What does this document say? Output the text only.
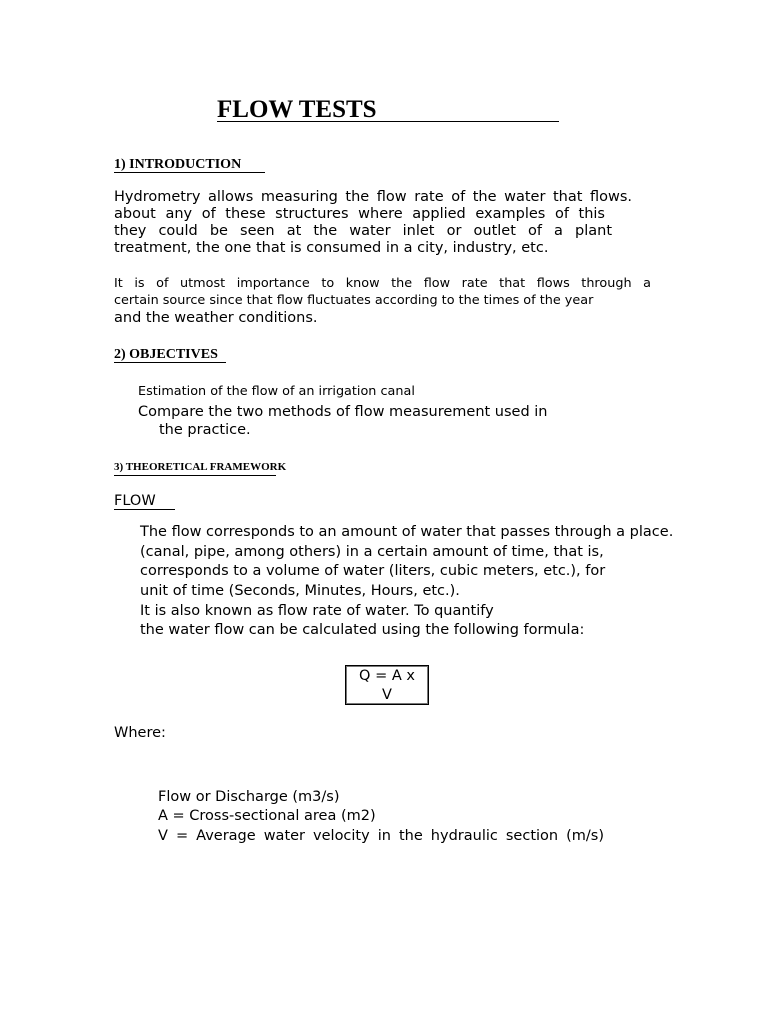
FLOW TESTS
1) INTRODUCTION
Hydrometry allows measuring the flow rate of the water that flows.
about any of these structures where applied examples of this
they could be seen at the water inlet or outlet of a plant
treatment, the one that is consumed in a city, industry, etc.
It is of utmost importance to know the flow rate that flows through a
certain source since that flow fluctuates according to the times of the year
and the weather conditions.
2) OBJECTIVES
Estimation of the flow of an irrigation canal
Compare the two methods of flow measurement used in
the practice.
3) THEORETICAL FRAMEWORK
FLOW
The flow corresponds to an amount of water that passes through a place.
(canal, pipe, among others) in a certain amount of time, that is,
corresponds to a volume of water (liters, cubic meters, etc.), for
unit of time (Seconds, Minutes, Hours, etc.).
It is also known as flow rate of water. To quantify
the water flow can be calculated using the following formula:
Q = A x
V
Where:
Flow or Discharge (m3/s)
A = Cross-sectional area (m2)
V = Average water velocity in the hydraulic section (m/s)
